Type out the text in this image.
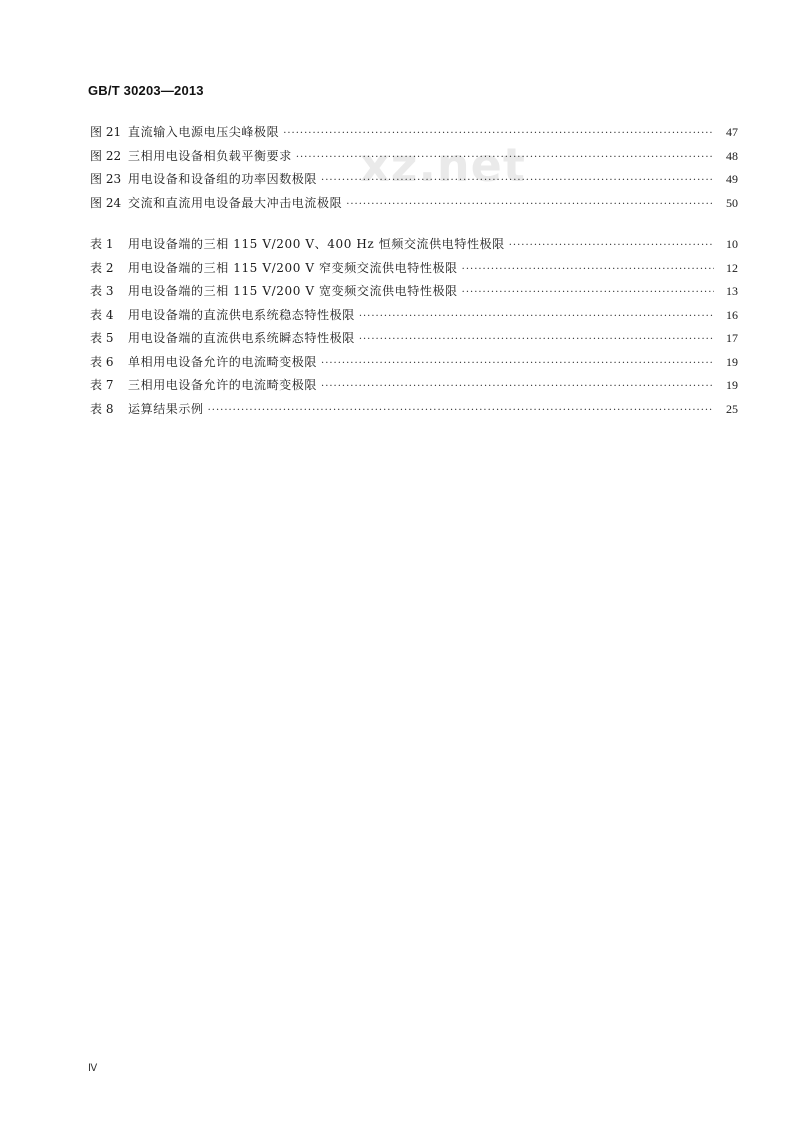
GB/T 30203—2013
xz.net
图 21 直流输入电源电压尖峰极限 ·····	47
图 22 三相用电设备相负载平衡要求 ·····	48
图 23 用电设备和设备组的功率因数极限 ·····	49
图 24 交流和直流用电设备最大冲击电流极限 ·····	50
表 1	用电设备端的三相 115 V/200 V、400 Hz 恒频交流供电特性极限 ·····	10
表 2	用电设备端的三相 115 V/200 V 窄变频交流供电特性极限 ·····	12
表 3	用电设备端的三相 115 V/200 V 宽变频交流供电特性极限 ·····	13
表 4	用电设备端的直流供电系统稳态特性极限 ·····	16
表 5	用电设备端的直流供电系统瞬态特性极限 ·····	17
表 6	单相用电设备允许的电流畸变极限 ·····	19
表 7	三相用电设备允许的电流畸变极限 ·····	19
表 8	运算结果示例 ·····	25
Ⅳ
